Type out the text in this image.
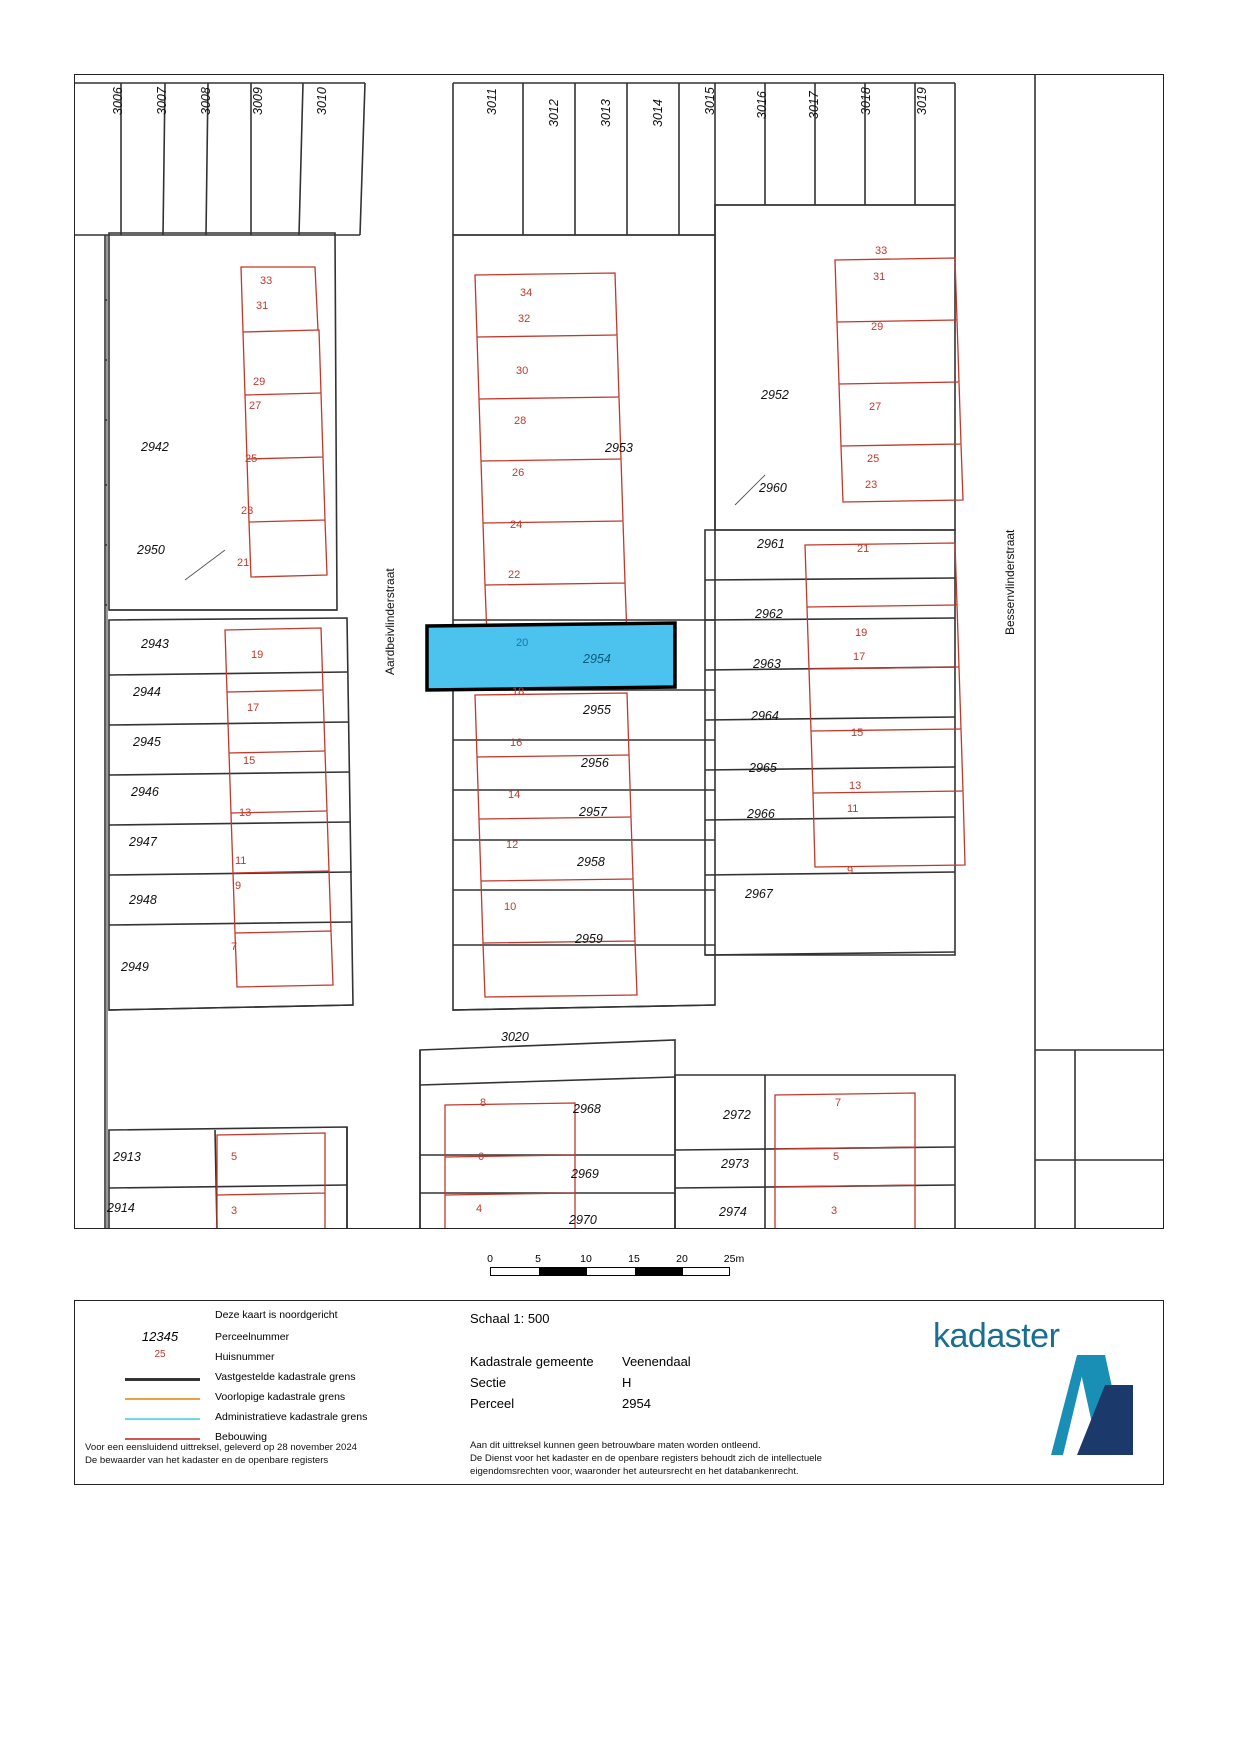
3006 3007 3008	3009	3010	3011	3012	3013	3014	3015	3016	3017	3018	3019
Aardbeivlinderstraat	Bessenvlinderstraat
2942
2950
2943
2944
2945
2946
2947
2948
2949
2913
2914
33
31
29
27
25
23
21
19
17
15
13
11
9
7
5
3
2953
2954
2955
2956
2957
2958
2959
3020
2968
2969
2970
34
32
30
28
26
24
22
20
18
16
14
12
10
8
6
4
2952
2960
2961
2962
2963
2964
2965
2966
2967
2972
2973
2974
33
31
29
27
25
23
21
19
17
15
13
11
9
7
5
3
0	5	10	15	20	25m
Deze kaart is noordgericht
12345	Perceelnummer
25	Huisnummer
Vastgestelde kadastrale grens
Voorlopige kadastrale grens
Administratieve kadastrale grens
Bebouwing
Voor een eensluidend uittreksel, geleverd op 28 november 2024
De bewaarder van het kadaster en de openbare registers
Schaal 1: 500
Kadastrale gemeente Veenendaal
Sectie	H
Perceel	2954
Aan dit uittreksel kunnen geen betrouwbare maten worden ontleend.
De Dienst voor het kadaster en de openbare registers behoudt zich de intellectuele
eigendomsrechten voor, waaronder het auteursrecht en het databankenrecht.
kadaster
